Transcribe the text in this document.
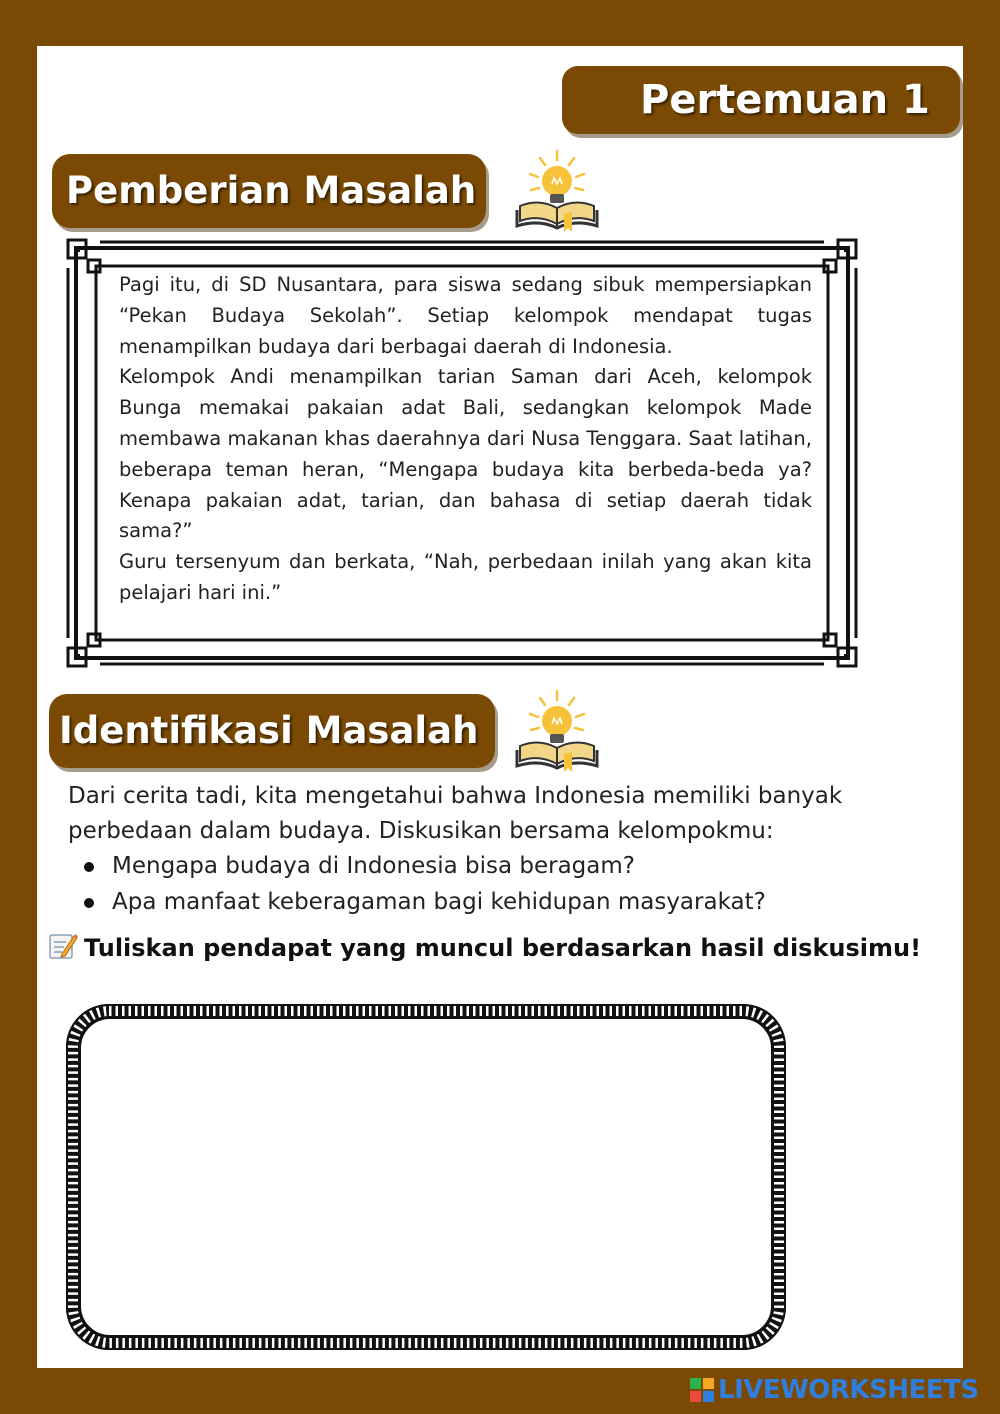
Pertemuan 1
Pemberian Masalah

Pagi itu, di SD Nusantara, para siswa sedang sibuk mempersiapkan “Pekan Budaya Sekolah”. Setiap kelompok mendapat tugas menampilkan budaya dari berbagai daerah di Indonesia.

Kelompok Andi menampilkan tarian Saman dari Aceh, kelompok Bunga memakai pakaian adat Bali, sedangkan kelompok Made membawa makanan khas daerahnya dari Nusa Tenggara. Saat latihan, beberapa teman heran, “Mengapa budaya kita berbeda-beda ya? Kenapa pakaian adat, tarian, dan bahasa di setiap daerah tidak sama?”

Guru tersenyum dan berkata, “Nah, perbedaan inilah yang akan kita pelajari hari ini.”

Identifikasi Masalah
Dari cerita tadi, kita mengetahui bahwa Indonesia memiliki banyak perbedaan dalam budaya. Diskusikan bersama kelompokmu:
Mengapa budaya di Indonesia bisa beragam?
Apa manfaat keberagaman bagi kehidupan masyarakat?
Tuliskan pendapat yang muncul berdasarkan hasil diskusimu!
LIVEWORKSHEETS
